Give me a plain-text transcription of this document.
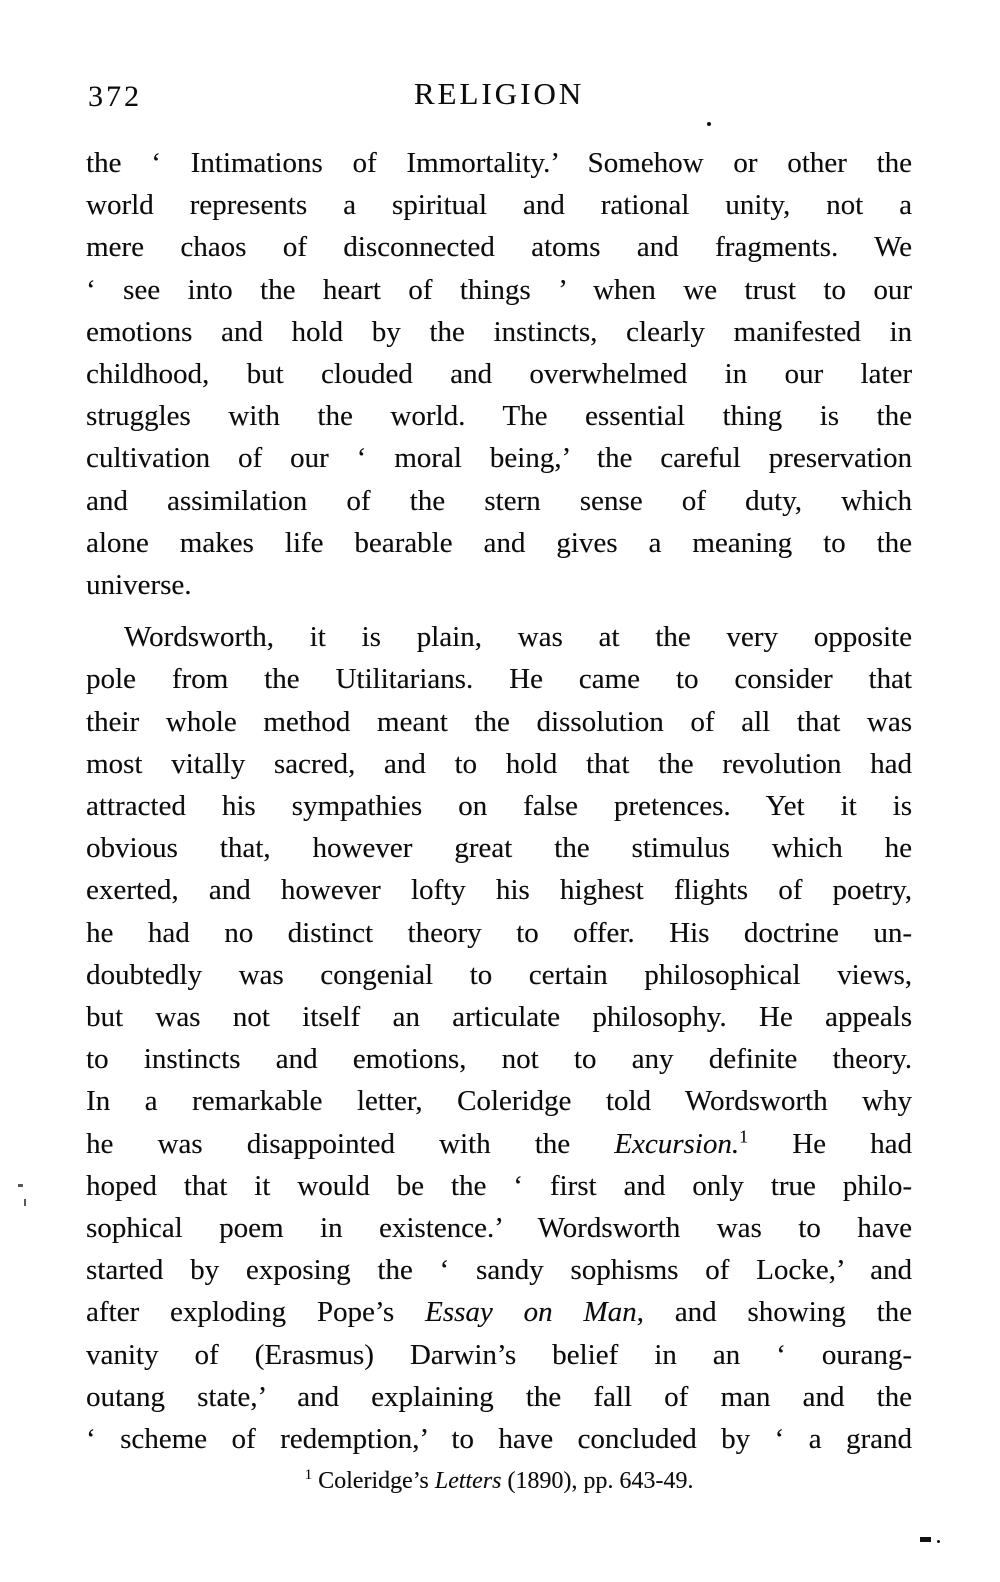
372	RELIGION
the ‘ Intimations of Immortality.’ Somehow or other the
world represents a spiritual and rational unity, not a
mere chaos of disconnected atoms and fragments. We
‘ see into the heart of things ’ when we trust to our
emotions and hold by the instincts, clearly manifested in
childhood, but clouded and overwhelmed in our later
struggles with the world. The essential thing is the
cultivation of our ‘ moral being,’ the careful preservation
and assimilation of the stern sense of duty, which
alone makes life bearable and gives a meaning to the
universe.
Wordsworth, it is plain, was at the very opposite
pole from the Utilitarians. He came to consider that
their whole method meant the dissolution of all that was
most vitally sacred, and to hold that the revolution had
attracted his sympathies on false pretences. Yet it is
obvious that, however great the stimulus which he
exerted, and however lofty his highest flights of poetry,
he had no distinct theory to offer. His doctrine un-
doubtedly was congenial to certain philosophical views,
but was not itself an articulate philosophy. He appeals
to instincts and emotions, not to any definite theory.
In a remarkable letter, Coleridge told Wordsworth why
he was disappointed with the Excursion.$^1$ He had
hoped that it would be the ‘ first and only true philo-
sophical poem in existence.’ Wordsworth was to have
started by exposing the ‘ sandy sophisms of Locke,’ and
after exploding Pope’s Essay on Man, and showing the
vanity of (Erasmus) Darwin’s belief in an ‘ ourang-
outang state,’ and explaining the fall of man and the
‘ scheme of redemption,’ to have concluded by ‘ a grand
$^1$ Coleridge’s Letters (1890), pp. 643-49.
